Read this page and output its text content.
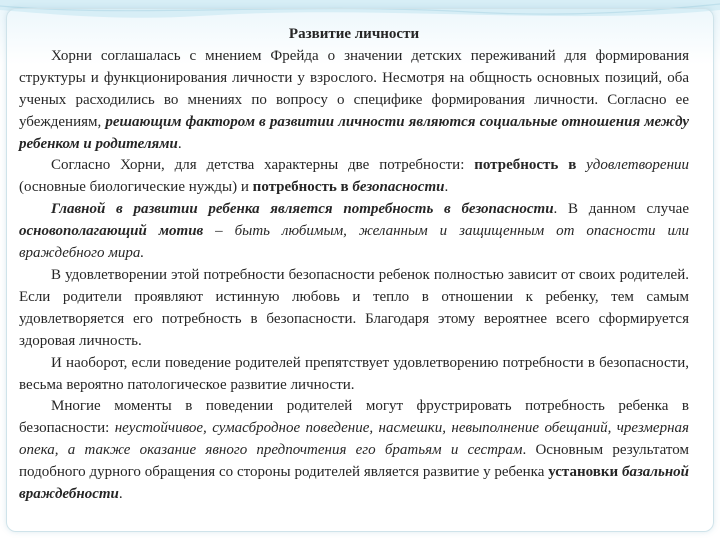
Развитие личности

Хорни соглашалась с мнением Фрейда о значении детских переживаний для формирования структуры и функционирования личности у взрослого. Несмотря на общность основных позиций, оба ученых расходились во мнениях по вопросу о специфике формирования личности. Согласно ее убеждениям, решающим фактором в развитии личности являются социальные отношения между ребенком и родителями.

Согласно Хорни, для детства характерны две потребности: потребность в удовлетворении (основные биологические нужды) и потребность в безопасности.

Главной в развитии ребенка является потребность в безопасности. В данном случае основополагающий мотив – быть любимым, желанным и защищенным от опасности или враждебного мира.

В удовлетворении этой потребности безопасности ребенок полностью зависит от своих родителей. Если родители проявляют истинную любовь и тепло в отношении к ребенку, тем самым удовлетворяется его потребность в безопасности. Благодаря этому вероятнее всего сформируется здоровая личность.

И наоборот, если поведение родителей препятствует удовлетворению потребности в безопасности, весьма вероятно патологическое развитие личности.

Многие моменты в поведении родителей могут фрустрировать потребность ребенка в безопасности: неустойчивое, сумасбродное поведение, насмешки, невыполнение обещаний, чрезмерная опека, а также оказание явного предпочтения его братьям и сестрам. Основным результатом подобного дурного обращения со стороны родителей является развитие у ребенка установки базальной враждебности.
